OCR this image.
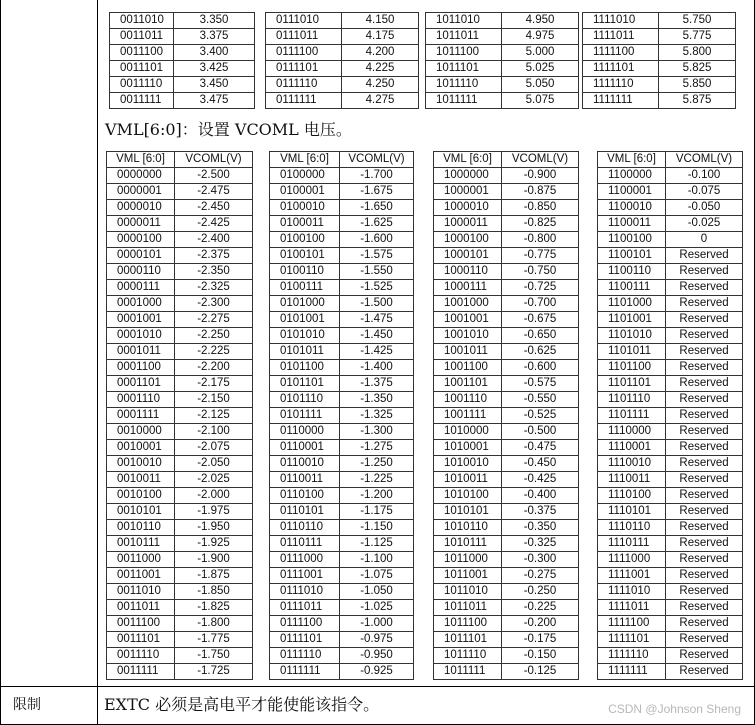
限制	EXTC 必须是高电平才能使能该指令。
0011010	3.350
0011011	3.375
0011100	3.400
0011101	3.425
0011110	3.450
0011111	3.475
0111010	4.150
0111011	4.175
0111100	4.200
0111101	4.225
0111110	4.250
0111111	4.275
1011010	4.950
1011011	4.975
1011100	5.000
1011101	5.025
1011110	5.050
1011111	5.075
1111010	5.750
1111011	5.775
1111100	5.800
1111101	5.825
1111110	5.850
1111111	5.875
VML[6:0]：设置 VCOML 电压。
VML [6:0]	VCOML(V)
0000000	-2.500
0000001	-2.475
0000010	-2.450
0000011	-2.425
0000100	-2.400
0000101	-2.375
0000110	-2.350
0000111	-2.325
0001000	-2.300
0001001	-2.275
0001010	-2.250
0001011	-2.225
0001100	-2.200
0001101	-2.175
0001110	-2.150
0001111	-2.125
0010000	-2.100
0010001	-2.075
0010010	-2.050
0010011	-2.025
0010100	-2.000
0010101	-1.975
0010110	-1.950
0010111	-1.925
0011000	-1.900
0011001	-1.875
0011010	-1.850
0011011	-1.825
0011100	-1.800
0011101	-1.775
0011110	-1.750
0011111	-1.725
VML [6:0]	VCOML(V)
0100000	-1.700
0100001	-1.675
0100010	-1.650
0100011	-1.625
0100100	-1.600
0100101	-1.575
0100110	-1.550
0100111	-1.525
0101000	-1.500
0101001	-1.475
0101010	-1.450
0101011	-1.425
0101100	-1.400
0101101	-1.375
0101110	-1.350
0101111	-1.325
0110000	-1.300
0110001	-1.275
0110010	-1.250
0110011	-1.225
0110100	-1.200
0110101	-1.175
0110110	-1.150
0110111	-1.125
0111000	-1.100
0111001	-1.075
0111010	-1.050
0111011	-1.025
0111100	-1.000
0111101	-0.975
0111110	-0.950
0111111	-0.925
VML [6:0]	VCOML(V)
1000000	-0.900
1000001	-0.875
1000010	-0.850
1000011	-0.825
1000100	-0.800
1000101	-0.775
1000110	-0.750
1000111	-0.725
1001000	-0.700
1001001	-0.675
1001010	-0.650
1001011	-0.625
1001100	-0.600
1001101	-0.575
1001110	-0.550
1001111	-0.525
1010000	-0.500
1010001	-0.475
1010010	-0.450
1010011	-0.425
1010100	-0.400
1010101	-0.375
1010110	-0.350
1010111	-0.325
1011000	-0.300
1011001	-0.275
1011010	-0.250
1011011	-0.225
1011100	-0.200
1011101	-0.175
1011110	-0.150
1011111	-0.125
VML [6:0]	VCOML(V)
1100000	-0.100
1100001	-0.075
1100010	-0.050
1100011	-0.025
1100100	0
1100101	Reserved
1100110	Reserved
1100111	Reserved
1101000	Reserved
1101001	Reserved
1101010	Reserved
1101011	Reserved
1101100	Reserved
1101101	Reserved
1101110	Reserved
1101111	Reserved
1110000	Reserved
1110001	Reserved
1110010	Reserved
1110011	Reserved
1110100	Reserved
1110101	Reserved
1110110	Reserved
1110111	Reserved
1111000	Reserved
1111001	Reserved
1111010	Reserved
1111011	Reserved
1111100	Reserved
1111101	Reserved
1111110	Reserved
1111111	Reserved
CSDN @Johnson Sheng
